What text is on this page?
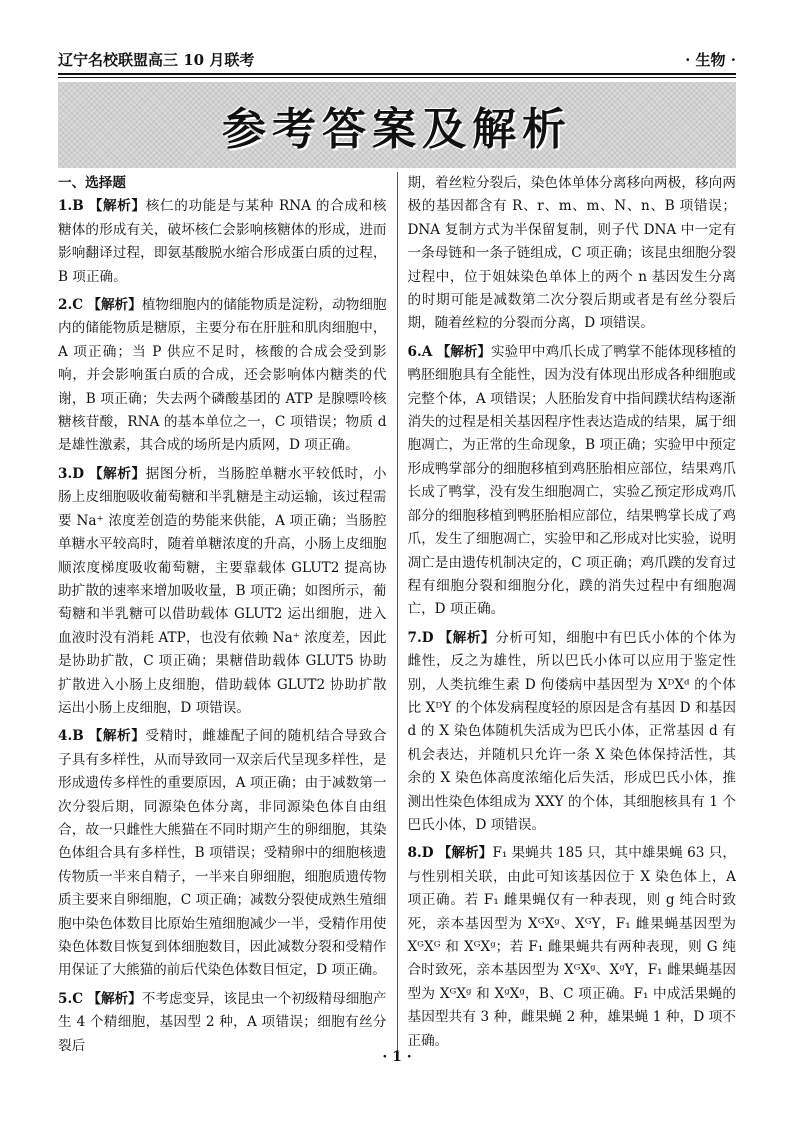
辽宁名校联盟高三 10 月联考	· 生物 ·
参考答案及解析

一、选择题

1.B 【解析】核仁的功能是与某种 RNA 的合成和核糖体的形成有关，破坏核仁会影响核糖体的形成，进而影响翻译过程，即氨基酸脱水缩合形成蛋白质的过程，B 项正确。

2.C 【解析】植物细胞内的储能物质是淀粉，动物细胞内的储能物质是糖原，主要分布在肝脏和肌肉细胞中，A 项正确；当 P 供应不足时，核酸的合成会受到影响，并会影响蛋白质的合成，还会影响体内糖类的代谢，B 项正确；失去两个磷酸基团的 ATP 是腺嘌呤核糖核苷酸，RNA 的基本单位之一，C 项错误；物质 d 是雄性激素，其合成的场所是内质网，D 项正确。

3.D 【解析】据图分析，当肠腔单糖水平较低时，小肠上皮细胞吸收葡萄糖和半乳糖是主动运输，该过程需要 Na⁺ 浓度差创造的势能来供能，A 项正确；当肠腔单糖水平较高时，随着单糖浓度的升高，小肠上皮细胞顺浓度梯度吸收葡萄糖，主要靠载体 GLUT2 提高协助扩散的速率来增加吸收量，B 项正确；如图所示，葡萄糖和半乳糖可以借助载体 GLUT2 运出细胞，进入血液时没有消耗 ATP，也没有依赖 Na⁺ 浓度差，因此是协助扩散，C 项正确；果糖借助载体 GLUT5 协助扩散进入小肠上皮细胞，借助载体 GLUT2 协助扩散运出小肠上皮细胞，D 项错误。

4.B 【解析】受精时，雌雄配子间的随机结合导致合子具有多样性，从而导致同一双亲后代呈现多样性，是形成遗传多样性的重要原因，A 项正确；由于减数第一次分裂后期，同源染色体分离，非同源染色体自由组合，故一只雌性大熊猫在不同时期产生的卵细胞，其染色体组合具有多样性，B 项错误；受精卵中的细胞核遗传物质一半来自精子，一半来自卵细胞，细胞质遗传物质主要来自卵细胞，C 项正确；减数分裂使成熟生殖细胞中染色体数目比原始生殖细胞减少一半，受精作用使染色体数目恢复到体细胞数目，因此减数分裂和受精作用保证了大熊猫的前后代染色体数目恒定，D 项正确。

5.C 【解析】不考虑变异，该昆虫一个初级精母细胞产生 4 个精细胞，基因型 2 种，A 项错误；细胞有丝分裂后

期，着丝粒分裂后，染色体单体分离移向两极，移向两极的基因都含有 R、r、m、m、N、n、B 项错误；DNA 复制方式为半保留复制，则子代 DNA 中一定有一条母链和一条子链组成，C 项正确；该昆虫细胞分裂过程中，位于姐妹染色单体上的两个 n 基因发生分离的时期可能是减数第二次分裂后期或者是有丝分裂后期，随着丝粒的分裂而分离，D 项错误。

6.A 【解析】实验甲中鸡爪长成了鸭掌不能体现移植的鸭胚细胞具有全能性，因为没有体现出形成各种细胞或完整个体，A 项错误；人胚胎发育中指间蹼状结构逐渐消失的过程是相关基因程序性表达造成的结果，属于细胞凋亡，为正常的生命现象，B 项正确；实验甲中预定形成鸭掌部分的细胞移植到鸡胚胎相应部位，结果鸡爪长成了鸭掌，没有发生细胞凋亡，实验乙预定形成鸡爪部分的细胞移植到鸭胚胎相应部位，结果鸭掌长成了鸡爪，发生了细胞凋亡，实验甲和乙形成对比实验，说明凋亡是由遗传机制决定的，C 项正确；鸡爪蹼的发育过程有细胞分裂和细胞分化，蹼的消失过程中有细胞凋亡，D 项正确。

7.D 【解析】分析可知，细胞中有巴氏小体的个体为雌性，反之为雄性，所以巴氏小体可以应用于鉴定性别，人类抗维生素 D 佝偻病中基因型为 XᴰXᵈ 的个体比 XᴰY 的个体发病程度轻的原因是含有基因 D 和基因 d 的 X 染色体随机失活成为巴氏小体，正常基因 d 有机会表达，并随机只允许一条 X 染色体保持活性，其余的 X 染色体高度浓缩化后失活，形成巴氏小体，推测出性染色体组成为 XXY 的个体，其细胞核具有 1 个巴氏小体，D 项错误。

8.D 【解析】F₁ 果蝇共 185 只，其中雄果蝇 63 只，与性别相关联，由此可知该基因位于 X 染色体上，A 项正确。若 F₁ 雌果蝇仅有一种表现，则 g 纯合时致死，亲本基因型为 XᴳXᵍ、XᴳY，F₁ 雌果蝇基因型为 XᴳXᴳ 和 XᴳXᵍ；若 F₁ 雌果蝇共有两种表现，则 G 纯合时致死，亲本基因型为 XᴳXᵍ、XᵍY，F₁ 雌果蝇基因型为 XᴳXᵍ 和 XᵍXᵍ，B、C 项正确。F₁ 中成活果蝇的基因型共有 3 种，雌果蝇 2 种，雄果蝇 1 种，D 项不正确。

· 1 ·
